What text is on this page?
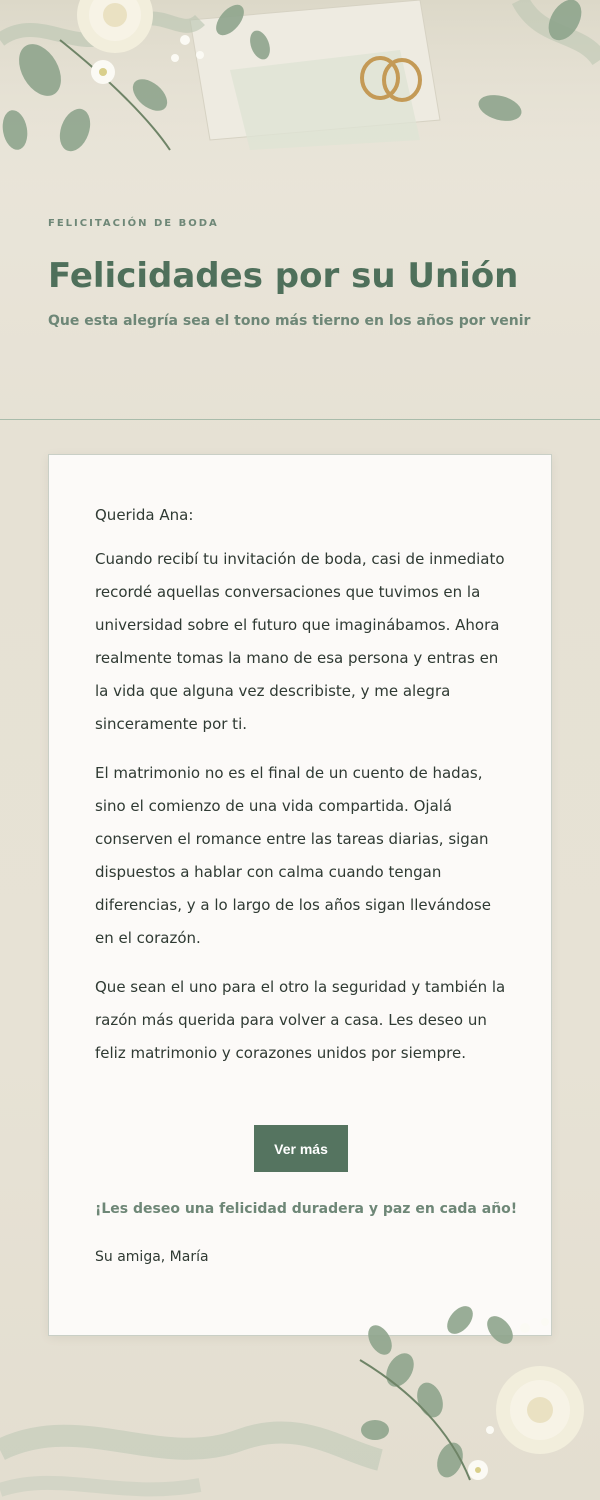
FELICITACIÓN DE BODA
Felicidades por su Unión
Que esta alegría sea el tono más tierno en los años por venir

Querida Ana:

Cuando recibí tu invitación de boda, casi de inmediato recordé aquellas conversaciones que tuvimos en la universidad sobre el futuro que imaginábamos. Ahora realmente tomas la mano de esa persona y entras en la vida que alguna vez describiste, y me alegra sinceramente por ti.

El matrimonio no es el final de un cuento de hadas, sino el comienzo de una vida compartida. Ojalá conserven el romance entre las tareas diarias, sigan dispuestos a hablar con calma cuando tengan diferencias, y a lo largo de los años sigan llevándose en el corazón.

Que sean el uno para el otro la seguridad y también la razón más querida para volver a casa. Les deseo un feliz matrimonio y corazones unidos por siempre.

Ver más
¡Les deseo una felicidad duradera y paz en cada año!
Su amiga, María
